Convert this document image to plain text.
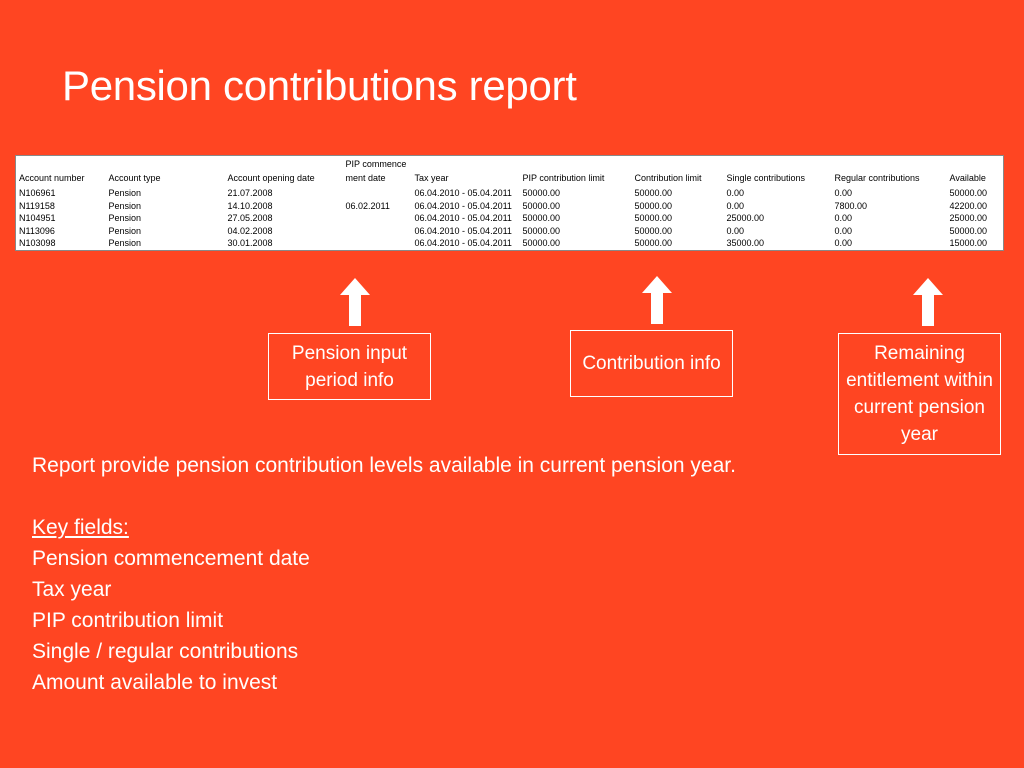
Pension contributions report
Account number	Account type	Account opening date	PIP commence ment date	Tax year	PIP contribution limit	Contribution limit	Single contributions	Regular contributions	Available
N106961	Pension	21.07.2008		06.04.2010 - 05.04.2011	50000.00	50000.00	0.00	0.00	50000.00
N119158	Pension	14.10.2008	06.02.2011	06.04.2010 - 05.04.2011	50000.00	50000.00	0.00	7800.00	42200.00
N104951	Pension	27.05.2008		06.04.2010 - 05.04.2011	50000.00	50000.00	25000.00	0.00	25000.00
N113096	Pension	04.02.2008		06.04.2010 - 05.04.2011	50000.00	50000.00	0.00	0.00	50000.00
N103098	Pension	30.01.2008		06.04.2010 - 05.04.2011	50000.00	50000.00	35000.00	0.00	15000.00
Pension input period info
Contribution info	Remaining entitlement within current pension year

Report provide pension contribution levels available in current pension year.

Key fields:

Pension commencement date

Tax year

PIP contribution limit

Single / regular contributions

Amount available to invest
